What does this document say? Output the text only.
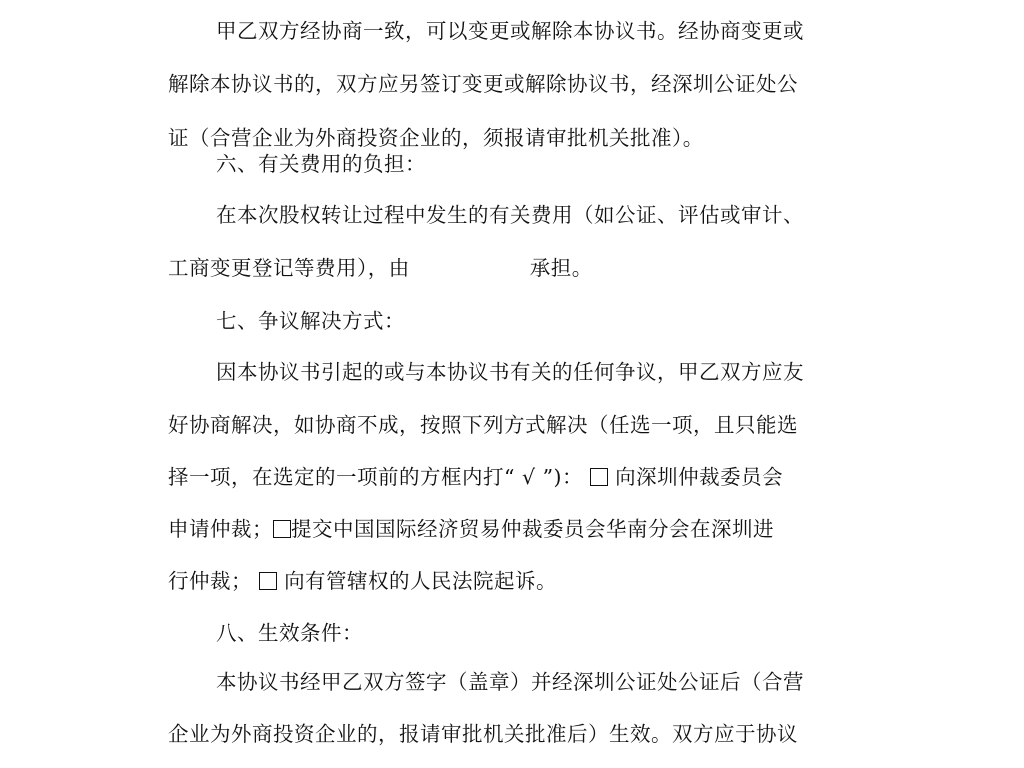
甲乙双方经协商一致，可以变更或解除本协议书。经协商变更或
解除本协议书的，双方应另签订变更或解除协议书，经深圳公证处公
证（合营企业为外商投资企业的，须报请审批机关批准）。
六、有关费用的负担：
在本次股权转让过程中发生的有关费用（如公证、评估或审计、
工商变更登记等费用），由	承担。
七、争议解决方式：
因本协议书引起的或与本协议书有关的任何争议，甲乙双方应友
好协商解决，如协商不成，按照下列方式解决（任选一项，且只能选
择一项，在选定的一项前的方框内打“ √ ”)：  向深圳仲裁委员会
申请仲裁； 提交中国国际经济贸易仲裁委员会华南分会在深圳进
行仲裁；  向有管辖权的人民法院起诉。
八、生效条件：
本协议书经甲乙双方签字（盖章）并经深圳公证处公证后（合营
企业为外商投资企业的，报请审批机关批准后）生效。双方应于协议
